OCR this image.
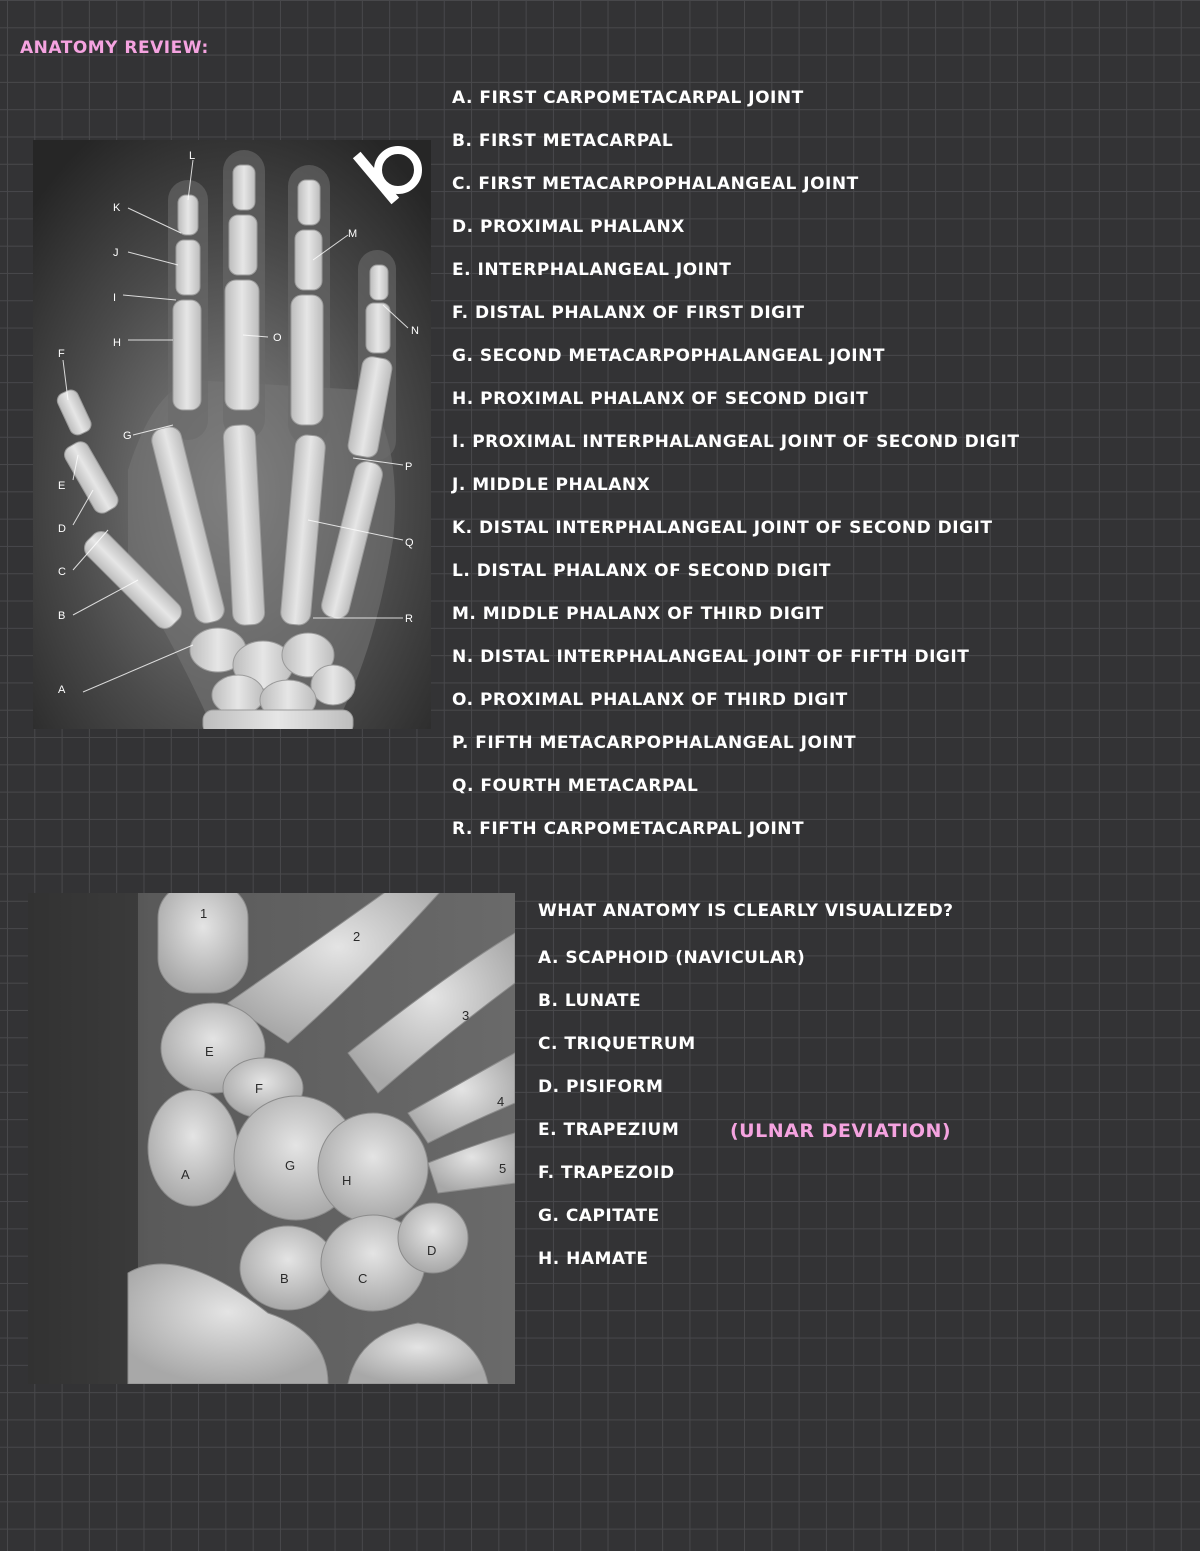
ANATOMY REVIEW:
A
B
C
D
E
F
G
H
I
J
K
L
M
N
O
P
Q
R
A. FIRST CARPOMETACARPAL JOINT
B. FIRST METACARPAL
C. FIRST METACARPOPHALANGEAL JOINT
D. PROXIMAL PHALANX
E. INTERPHALANGEAL JOINT
F. DISTAL PHALANX OF FIRST DIGIT
G. SECOND METACARPOPHALANGEAL JOINT
H. PROXIMAL PHALANX OF SECOND DIGIT
I. PROXIMAL INTERPHALANGEAL JOINT OF SECOND DIGIT
J. MIDDLE PHALANX
K. DISTAL INTERPHALANGEAL JOINT OF SECOND DIGIT
L. DISTAL PHALANX OF SECOND DIGIT
M. MIDDLE PHALANX OF THIRD DIGIT
N. DISTAL INTERPHALANGEAL JOINT OF FIFTH DIGIT
O. PROXIMAL PHALANX OF THIRD DIGIT
P. FIFTH METACARPOPHALANGEAL JOINT
Q. FOURTH METACARPAL
R. FIFTH CARPOMETACARPAL JOINT
1
2
3
4
5
A
B	C
D
E
F
G
H
WHAT ANATOMY IS CLEARLY VISUALIZED?
A. SCAPHOID (NAVICULAR)
B. LUNATE
C. TRIQUETRUM
D. PISIFORM
E. TRAPEZIUM
F. TRAPEZOID
G. CAPITATE
H. HAMATE
(ULNAR DEVIATION)
